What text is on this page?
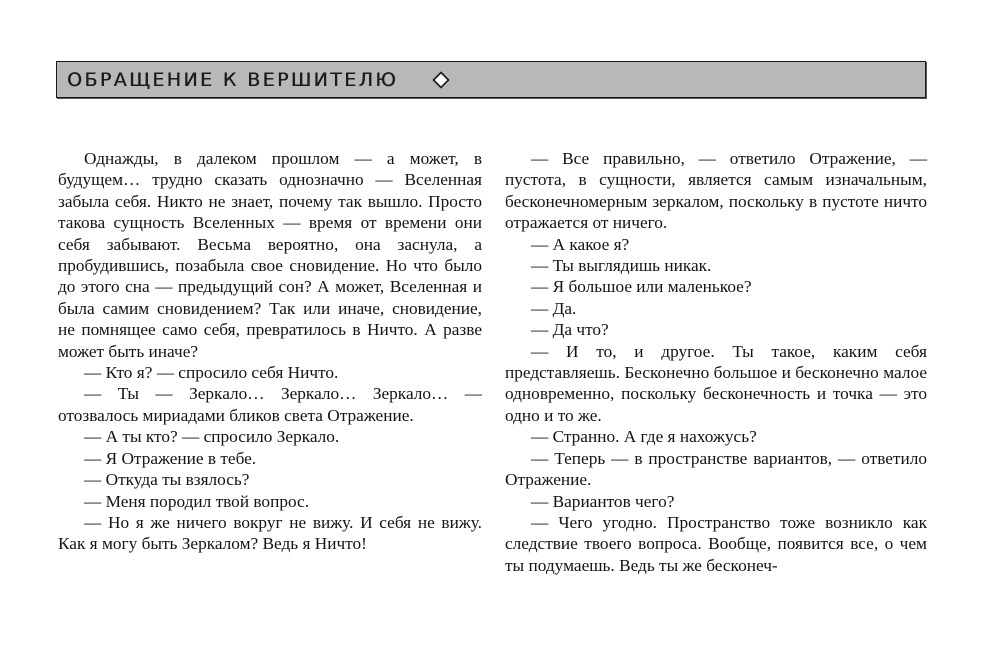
ОБРАЩЕНИЕ К ВЕРШИТЕЛЮ

Однажды, в далеком прошлом — а может, в будущем… трудно сказать однозначно — Вселенная забыла себя. Никто не знает, почему так вышло. Просто такова сущность Вселенных — время от времени они себя забывают. Весьма вероятно, она заснула, а пробудившись, позабыла свое сновидение. Но что было до этого сна — предыдущий сон? А может, Вселенная и была самим сновидением? Так или иначе, сновидение, не помнящее само себя, превратилось в Ничто. А разве может быть иначе?

— Кто я? — спросило себя Ничто.

— Ты — Зеркало… Зеркало… Зеркало… — отозвалось мириадами бликов света Отражение.

— А ты кто? — спросило Зеркало.

— Я Отражение в тебе.

— Откуда ты взялось?

— Меня породил твой вопрос.

— Но я же ничего вокруг не вижу. И себя не вижу. Как я могу быть Зеркалом? Ведь я Ничто!

— Все правильно, — ответило Отражение, — пустота, в сущности, является самым изначальным, бесконечномерным зеркалом, поскольку в пустоте ничто отражается от ничего.

— А какое я?

— Ты выглядишь никак.

— Я большое или маленькое?

— Да.

— Да что?

— И то, и другое. Ты такое, каким себя представляешь. Бесконечно большое и бесконечно малое одновременно, поскольку бесконечность и точка — это одно и то же.

— Странно. А где я нахожусь?

— Теперь — в пространстве вариантов, — ответило Отражение.

— Вариантов чего?

— Чего угодно. Пространство тоже возникло как следствие твоего вопроса. Вообще, появится все, о чем ты подумаешь. Ведь ты же бесконеч-
